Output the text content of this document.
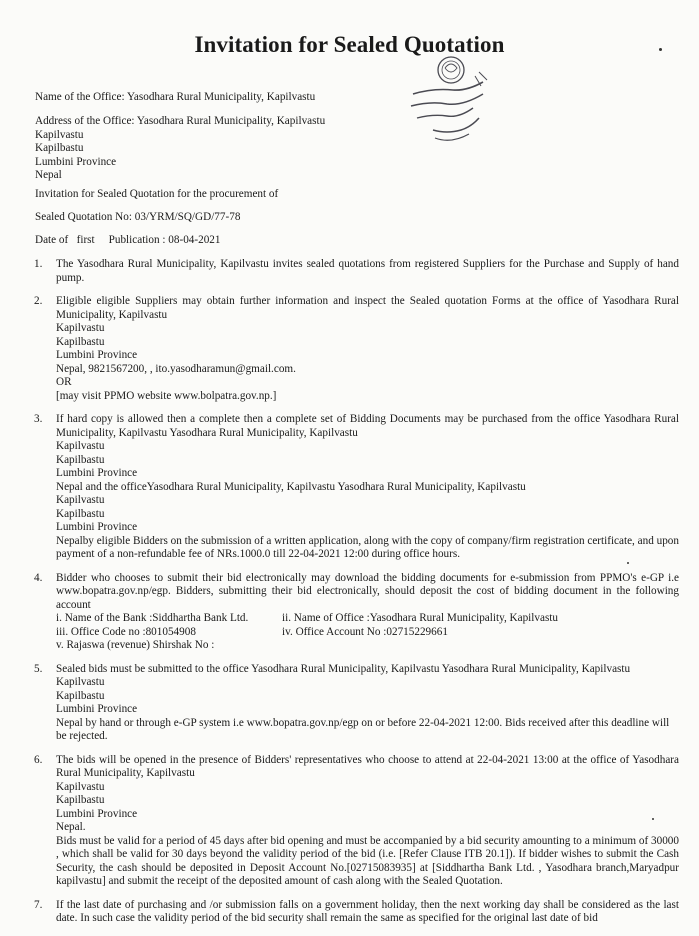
Invitation for Sealed Quotation
Name of the Office: Yasodhara Rural Municipality, Kapilvastu
Address of the Office: Yasodhara Rural Municipality, Kapilvastu
Kapilvastu
Kapilbastu
Lumbini Province
Nepal
Invitation for Sealed Quotation for the procurement of
Sealed Quotation No: 03/YRM/SQ/GD/77-78
Date of   first     Publication : 08-04-2021
1. The Yasodhara Rural Municipality, Kapilvastu invites sealed quotations from registered Suppliers for the Purchase and Supply of hand pump.
2. Eligible eligible Suppliers may obtain further information and inspect the Sealed quotation Forms at the office of Yasodhara Rural Municipality, Kapilvastu
Kapilvastu
Kapilbastu
Lumbini Province
Nepal, 9821567200, , ito.yasodharamun@gmail.com.
OR
[may visit PPMO website www.bolpatra.gov.np.]
3. If hard copy is allowed then a complete then a complete set of Bidding Documents may be purchased from the office Yasodhara Rural Municipality, Kapilvastu Yasodhara Rural Municipality, Kapilvastu
Kapilvastu
Kapilbastu
Lumbini Province
Nepal and the officeYasodhara Rural Municipality, Kapilvastu Yasodhara Rural Municipality, Kapilvastu
Kapilvastu
Kapilbastu
Lumbini Province
Nepalby eligible Bidders on the submission of a written application, along with the copy of company/firm registration certificate, and upon payment of a non-refundable fee of NRs.1000.0 till 22-04-2021 12:00 during office hours.
4. Bidder who chooses to submit their bid electronically may download the bidding documents for e-submission from PPMO's e-GP i.e www.bopatra.gov.np/egp. Bidders, submitting their bid electronically, should deposit the cost of bidding document in the following account
i. Name of the Bank :Siddhartha Bank Ltd.	ii. Name of Office :Yasodhara Rural Municipality, Kapilvastu
iii. Office Code no :801054908	iv. Office Account No :02715229661
v. Rajaswa (revenue) Shirshak No :
5. Sealed bids must be submitted to the office Yasodhara Rural Municipality, Kapilvastu Yasodhara Rural Municipality, Kapilvastu
Kapilvastu
Kapilbastu
Lumbini Province
Nepal by hand or through e-GP system i.e www.bopatra.gov.np/egp on or before 22-04-2021 12:00. Bids received after this deadline will be rejected.
6. The bids will be opened in the presence of Bidders' representatives who choose to attend at 22-04-2021 13:00 at the office of Yasodhara Rural Municipality, Kapilvastu
Kapilvastu
Kapilbastu
Lumbini Province
Nepal.
Bids must be valid for a period of 45 days after bid opening and must be accompanied by a bid security amounting to a minimum of 30000 , which shall be valid for 30 days beyond the validity period of the bid (i.e. [Refer Clause ITB 20.1]). If bidder wishes to submit the Cash Security, the cash should be deposited in Deposit Account No.[02715083935] at [Siddhartha Bank Ltd. , Yasodhara branch,Maryadpur kapilvastu] and submit the receipt of the deposited amount of cash along with the Sealed Quotation.
7. If the last date of purchasing and /or submission falls on a government holiday, then the next working day shall be considered as the last date. In such case the validity period of the bid security shall remain the same as specified for the original last date of bid
